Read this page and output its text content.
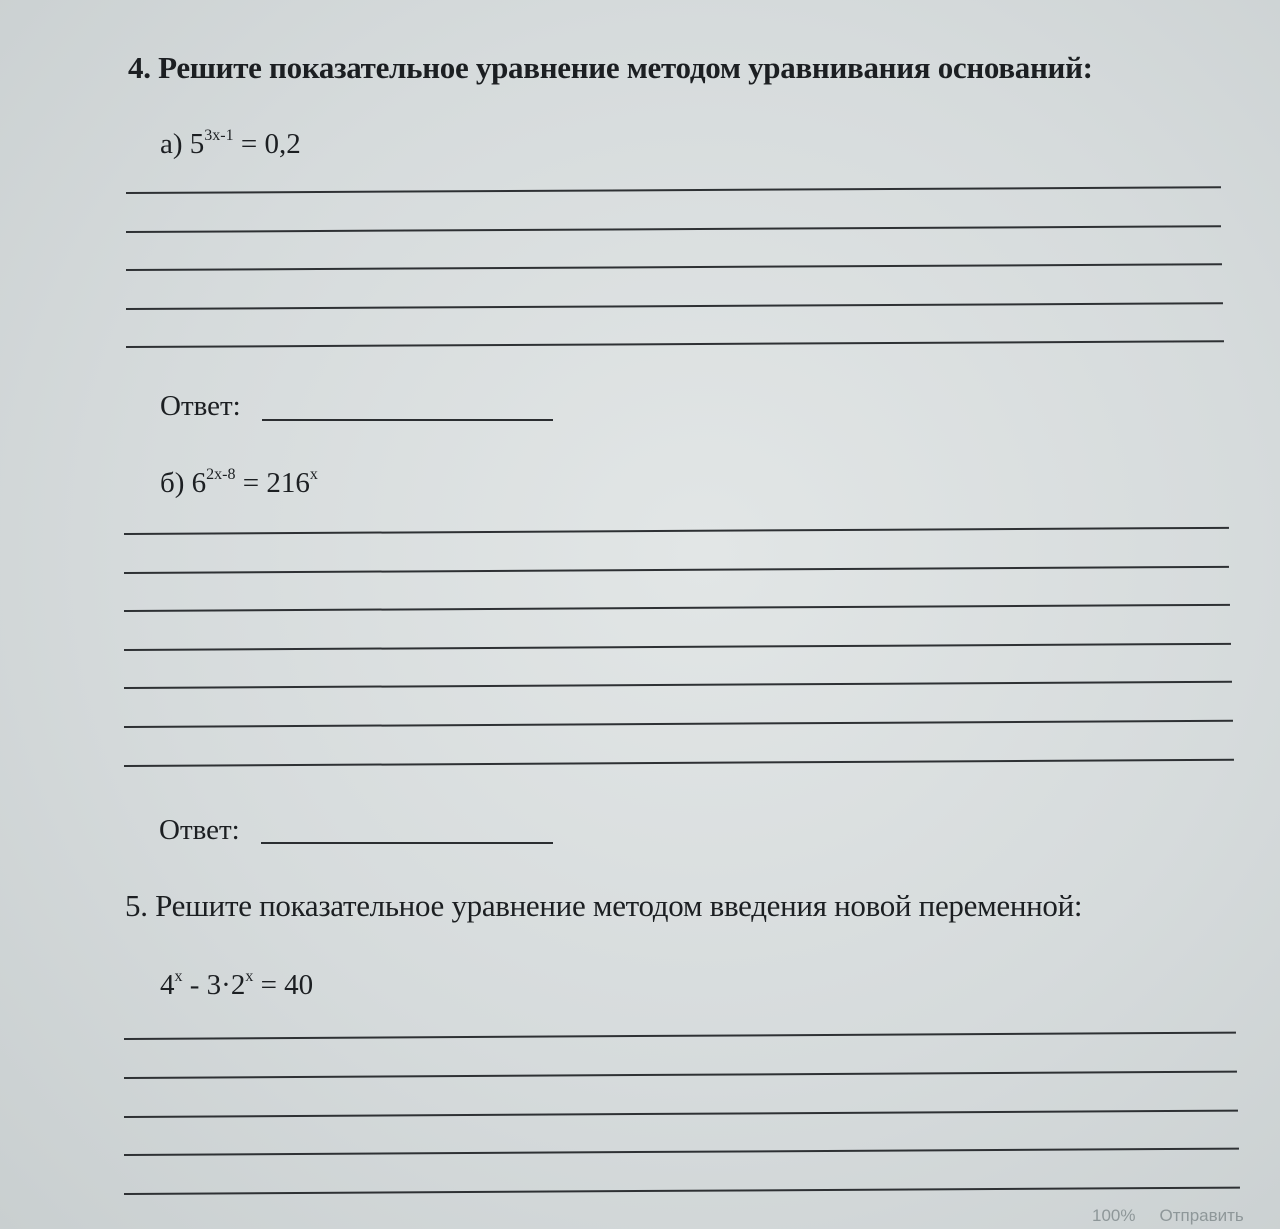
4. Решите показательное уравнение методом уравнивания оснований:
а) $5^{3x-1} = 0,2$
Ответ:
б) $6^{2x-8} = 216^x$
Ответ:
5. Решите показательное уравнение методом введения новой переменной:
$4^x - 3\cdot 2^x = 40$
100% Отправить
